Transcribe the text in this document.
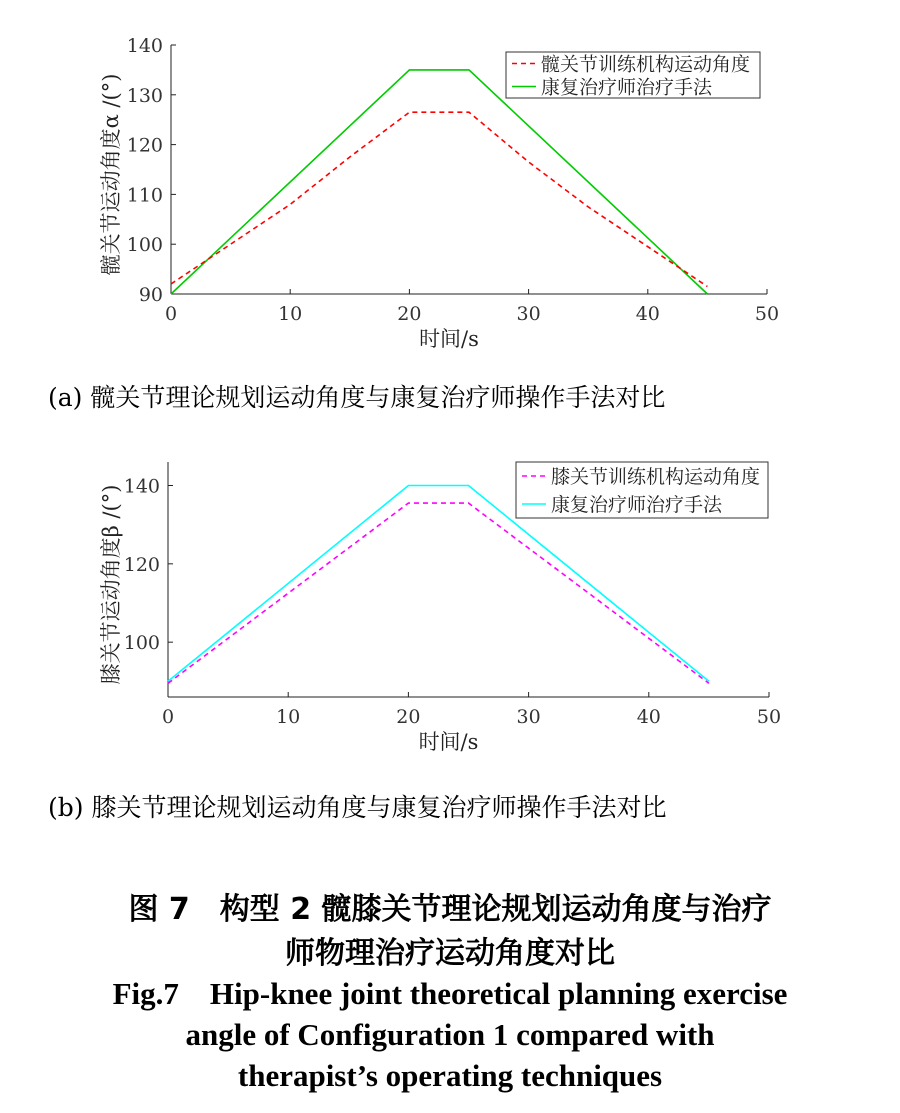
0	10	20	30	40	50
90
100
110
120
130
140
时间/s
髋关节运动角度α /(°)
髋关节训练机构运动角度
康复治疗师治疗手法
(a) 髋关节理论规划运动角度与康复治疗师操作手法对比
0	10	20	30	40	50
100
120
140
时间/s
膝关节运动角度β /(°)
膝关节训练机构运动角度
康复治疗师治疗手法
(b) 膝关节理论规划运动角度与康复治疗师操作手法对比
图 7　构型 2 髋膝关节理论规划运动角度与治疗
师物理治疗运动角度对比
Fig.7　Hip-knee joint theoretical planning exercise
angle of Configuration 1 compared with
therapist’s operating techniques
